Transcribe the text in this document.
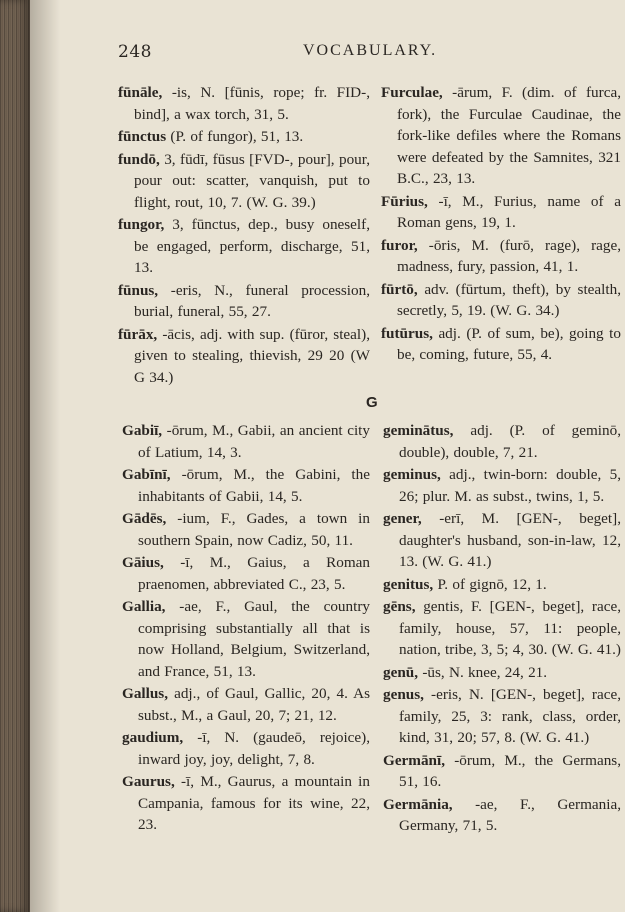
248	VOCABULARY.

fūnāle, -is, N. [fūnis, rope; fr. FID-, bind], a wax torch, 31, 5.

fūnctus (P. of fungor), 51, 13.

fundō, 3, fūdī, fūsus [FVD-, pour], pour, pour out: scatter, vanquish, put to flight, rout, 10, 7. (W. G. 39.)

fungor, 3, fūnctus, dep., busy oneself, be engaged, perform, discharge, 51, 13.

fūnus, -eris, N., funeral procession, burial, funeral, 55, 27.

fūrāx, -ācis, adj. with sup. (fūror, steal), given to stealing, thievish, 29 20 (W G 34.)

Furculae, -ārum, F. (dim. of furca, fork), the Furculae Caudinae, the fork-like defiles where the Romans were defeated by the Samnites, 321 B.C., 23, 13.

Fūrius, -ī, M., Furius, name of a Roman gens, 19, 1.

furor, -ōris, M. (furō, rage), rage, madness, fury, passion, 41, 1.

fūrtō, adv. (fūrtum, theft), by stealth, secretly, 5, 19. (W. G. 34.)

futūrus, adj. (P. of sum, be), going to be, coming, future, 55, 4.

G

Gabiī, -ōrum, M., Gabii, an ancient city of Latium, 14, 3.

Gabīnī, -ōrum, M., the Gabini, the inhabitants of Gabii, 14, 5.

Gādēs, -ium, F., Gades, a town in southern Spain, now Cadiz, 50, 11.

Gāius, -ī, M., Gaius, a Roman praenomen, abbreviated C., 23, 5.

Gallia, -ae, F., Gaul, the country comprising substantially all that is now Holland, Belgium, Switzerland, and France, 51, 13.

Gallus, adj., of Gaul, Gallic, 20, 4. As subst., M., a Gaul, 20, 7; 21, 12.

gaudium, -ī, N. (gaudeō, rejoice), inward joy, joy, delight, 7, 8.

Gaurus, -ī, M., Gaurus, a mountain in Campania, famous for its wine, 22, 23.

geminātus, adj. (P. of geminō, double), double, 7, 21.

geminus, adj., twin-born: double, 5, 26; plur. M. as subst., twins, 1, 5.

gener, -erī, M. [GEN-, beget], daughter's husband, son-in-law, 12, 13. (W. G. 41.)

genitus, P. of gignō, 12, 1.

gēns, gentis, F. [GEN-, beget], race, family, house, 57, 11: people, nation, tribe, 3, 5; 4, 30. (W. G. 41.)

genū, -ūs, N. knee, 24, 21.

genus, -eris, N. [GEN-, beget], race, family, 25, 3: rank, class, order, kind, 31, 20; 57, 8. (W. G. 41.)

Germānī, -ōrum, M., the Germans, 51, 16.

Germānia, -ae, F., Germania, Germany, 71, 5.
